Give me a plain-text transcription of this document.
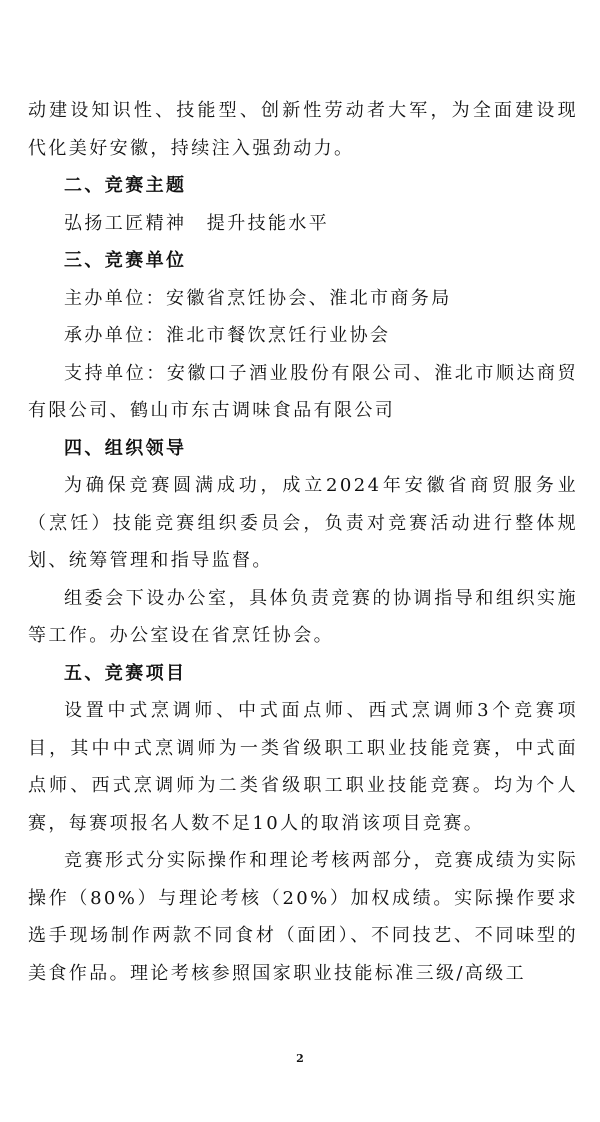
动建设知识性、技能型、创新性劳动者大军，为全面建设现代化美好安徽，持续注入强劲动力。

二、竞赛主题

弘扬工匠精神　提升技能水平

三、竞赛单位

主办单位：安徽省烹饪协会、淮北市商务局

承办单位：淮北市餐饮烹饪行业协会

支持单位：安徽口子酒业股份有限公司、淮北市顺达商贸有限公司、鹤山市东古调味食品有限公司

四、组织领导

为确保竞赛圆满成功，成立2024年安徽省商贸服务业（烹饪）技能竞赛组织委员会，负责对竞赛活动进行整体规划、统筹管理和指导监督。

组委会下设办公室，具体负责竞赛的协调指导和组织实施等工作。办公室设在省烹饪协会。

五、竞赛项目

设置中式烹调师、中式面点师、西式烹调师3个竞赛项目，其中中式烹调师为一类省级职工职业技能竞赛，中式面点师、西式烹调师为二类省级职工职业技能竞赛。均为个人赛，每赛项报名人数不足10人的取消该项目竞赛。

竞赛形式分实际操作和理论考核两部分，竞赛成绩为实际操作（80%）与理论考核（20%）加权成绩。实际操作要求选手现场制作两款不同食材（面团）、不同技艺、不同味型的美食作品。理论考核参照国家职业技能标准三级/高级工

2
